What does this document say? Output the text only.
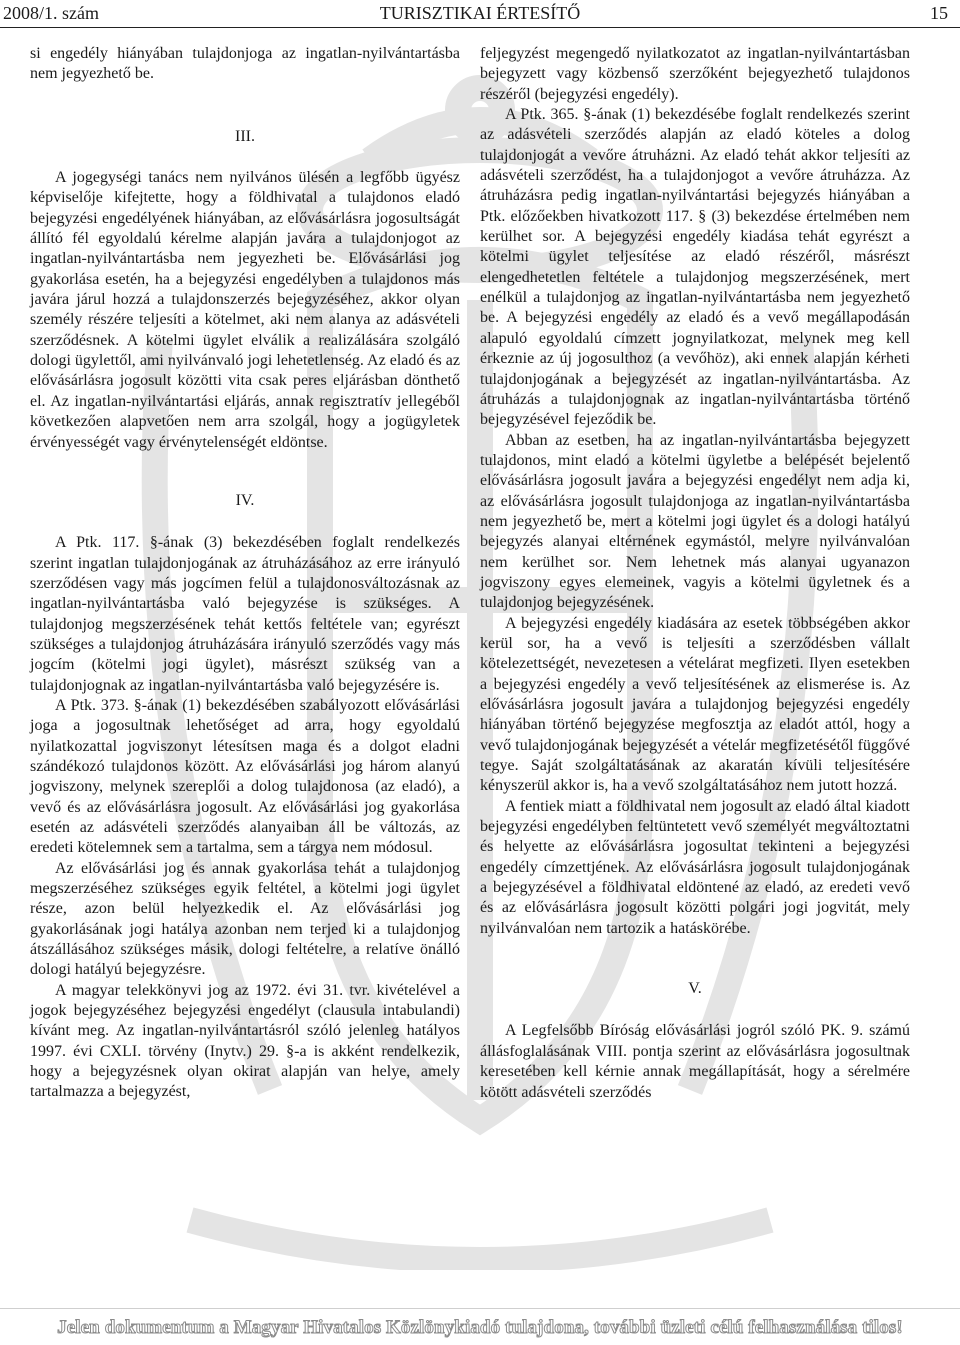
2008/1. szám	TURISZTIKAI ÉRTESÍTŐ	15

si engedély hiányában tulajdonjoga az ingatlan-nyilvántartásba nem jegyezhető be.

III.

A jogegységi tanács nem nyilvános ülésén a legfőbb ügyész képviselője kifejtette, hogy a földhivatal a tulajdonos eladó bejegyzési engedélyének hiányában, az elővásárlásra jogosultságát állító fél egyoldalú kérelme alapján javára a tulajdonjogot az ingatlan-nyilvántartásba nem jegyezheti be. Elővásárlási jog gyakorlása esetén, ha a bejegyzési engedélyben a tulajdonos más javára járul hozzá a tulajdonszerzés bejegyzéséhez, akkor olyan személy részére teljesíti a kötelmet, aki nem alanya az adásvételi szerződésnek. A kötelmi ügylet elválik a realizálására szolgáló dologi ügylettől, ami nyilvánvaló jogi lehetetlenség. Az eladó és az elővásárlásra jogosult közötti vita csak peres eljárásban dönthető el. Az ingatlan-nyilvántartási eljárás, annak regisztratív jellegéből következően alapvetően nem arra szolgál, hogy a jogügyletek érvényességét vagy érvénytelenségét eldöntse.

IV.

A Ptk. 117. §-ának (3) bekezdésében foglalt rendelkezés szerint ingatlan tulajdonjogának az átruházásához az erre irányuló szerződésen vagy más jogcímen felül a tulajdonosváltozásnak az ingatlan-nyilvántartásba való bejegyzése is szükséges. A tulajdonjog megszerzésének tehát kettős feltétele van; egyrészt szükséges a tulajdonjog átruházására irányuló szerződés vagy más jogcím (kötelmi jogi ügylet), másrészt szükség van a tulajdonjognak az ingatlan-nyilvántartásba való bejegyzésére is.

A Ptk. 373. §-ának (1) bekezdésében szabályozott elővásárlási joga a jogosultnak lehetőséget ad arra, hogy egyoldalú nyilatkozattal jogviszonyt létesítsen maga és a dolgot eladni szándékozó tulajdonos között. Az elővásárlási jog három alanyú jogviszony, melynek szereplői a dolog tulajdonosa (az eladó), a vevő és az elővásárlásra jogosult. Az elővásárlási jog gyakorlása esetén az adásvételi szerződés alanyaiban áll be változás, az eredeti kötelemnek sem a tartalma, sem a tárgya nem módosul.

Az elővásárlási jog és annak gyakorlása tehát a tulajdonjog megszerzéséhez szükséges egyik feltétel, a kötelmi jogi ügylet része, azon belül helyezkedik el. Az elővásárlási jog gyakorlásának jogi hatálya azonban nem terjed ki a tulajdonjog átszállásához szükséges másik, dologi feltételre, a relatíve önálló dologi hatályú bejegyzésre.

A magyar telekkönyvi jog az 1972. évi 31. tvr. kivételével a jogok bejegyzéséhez bejegyzési engedélyt (clausula intabulandi) kívánt meg. Az ingatlan-nyilvántartásról szóló jelenleg hatályos 1997. évi CXLI. törvény (Inytv.) 29. §-a is akként rendelkezik, hogy a bejegyzésnek olyan okirat alapján van helye, amely tartalmazza a bejegyzést,

feljegyzést megengedő nyilatkozatot az ingatlan-nyilvántartásban bejegyzett vagy közbenső szerzőként bejegyezhető tulajdonos részéről (bejegyzési engedély).

A Ptk. 365. §-ának (1) bekezdésébe foglalt rendelkezés szerint az adásvételi szerződés alapján az eladó köteles a dolog tulajdonjogát a vevőre átruházni. Az eladó tehát akkor teljesíti az adásvételi szerződést, ha a tulajdonjogot a vevőre átruházza. Az átruházásra pedig ingatlan-nyilvántartási bejegyzés hiányában a Ptk. előzőekben hivatkozott 117. § (3) bekezdése értelmében nem kerülhet sor. A bejegyzési engedély kiadása tehát egyrészt a kötelmi ügylet teljesítése az eladó részéről, másrészt elengedhetetlen feltétele a tulajdonjog megszerzésének, mert enélkül a tulajdonjog az ingatlan-nyilvántartásba nem jegyezhető be. A bejegyzési engedély az eladó és a vevő megállapodásán alapuló egyoldalú címzett jognyilatkozat, melynek meg kell érkeznie az új jogosulthoz (a vevőhöz), aki ennek alapján kérheti tulajdonjogának a bejegyzését az ingatlan-nyilvántartásba. Az átruházás a tulajdonjognak az ingatlan-nyilvántartásba történő bejegyzésével fejeződik be.

Abban az esetben, ha az ingatlan-nyilvántartásba bejegyzett tulajdonos, mint eladó a kötelmi ügyletbe a belépését bejelentő elővásárlásra jogosult javára a bejegyzési engedélyt nem adja ki, az elővásárlásra jogosult tulajdonjoga az ingatlan-nyilvántartásba nem jegyezhető be, mert a kötelmi jogi ügylet és a dologi hatályú bejegyzés alanyai eltérnének egymástól, melyre nyilvánvalóan nem kerülhet sor. Nem lehetnek más alanyai ugyanazon jogviszony egyes elemeinek, vagyis a kötelmi ügyletnek és a tulajdonjog bejegyzésének.

A bejegyzési engedély kiadására az esetek többségében akkor kerül sor, ha a vevő is teljesíti a szerződésben vállalt kötelezettségét, nevezetesen a vételárat megfizeti. Ilyen esetekben a bejegyzési engedély a vevő teljesítésének az elismerése is. Az elővásárlásra jogosult javára a tulajdonjog bejegyzési engedély hiányában történő bejegyzése megfosztja az eladót attól, hogy a vevő tulajdonjogának bejegyzését a vételár megfizetésétől függővé tegye. Saját szolgáltatásának az akaratán kívüli teljesítésére kényszerül akkor is, ha a vevő szolgáltatásához nem jutott hozzá.

A fentiek miatt a földhivatal nem jogosult az eladó által kiadott bejegyzési engedélyben feltüntetett vevő személyét megváltoztatni és helyette az elővásárlásra jogosultat tekinteni a bejegyzési engedély címzettjének. Az elővásárlásra jogosult tulajdonjogának a bejegyzésével a földhivatal eldöntené az eladó, az eredeti vevő és az elővásárlásra jogosult közötti polgári jogi jogvitát, mely nyilvánvalóan nem tartozik a hatáskörébe.

V.

A Legfelsőbb Bíróság elővásárlási jogról szóló PK. 9. számú állásfoglalásának VIII. pontja szerint az elővásárlásra jogosultnak keresetében kell kérnie annak megállapítását, hogy a sérelmére kötött adásvételi szerződés

Jelen dokumentum a Magyar Hivatalos Közlönykiadó tulajdona, további üzleti célú felhasználása tilos!
